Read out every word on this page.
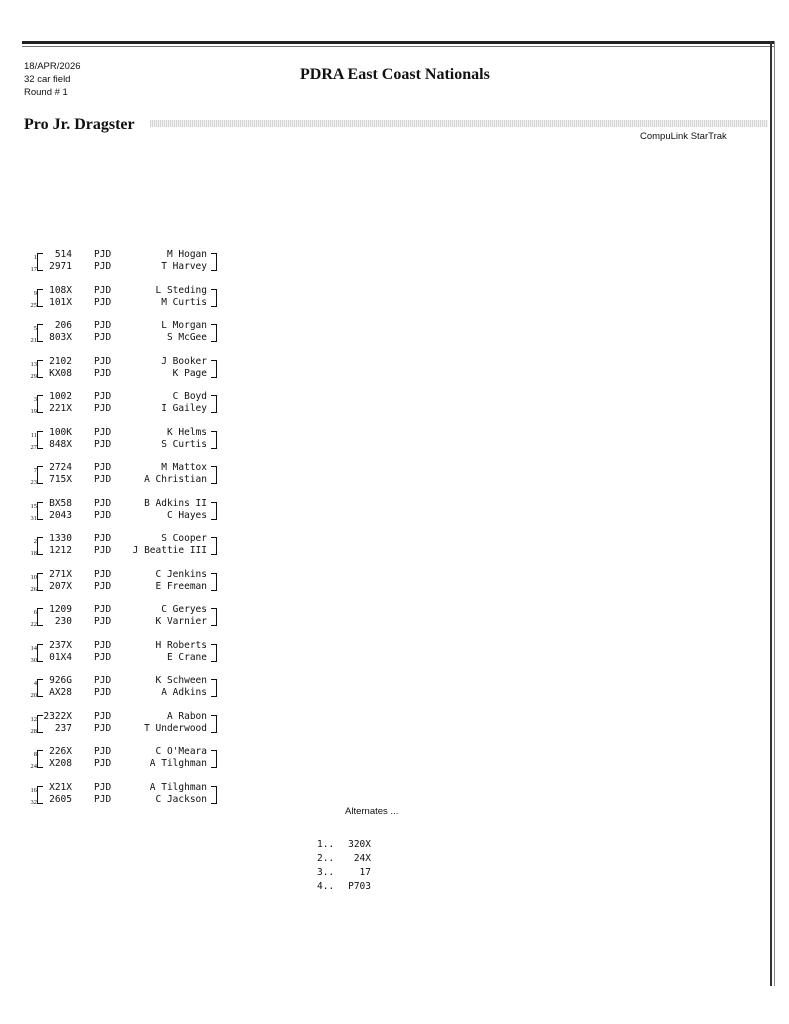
18/APR/2026
32 car field
Round # 1
PDRA East Coast Nationals
Pro Jr. Dragster
CompuLink StarTrak
1	514 PJD	M Hogan
17	2971 PJD	T Harvey
9	108X PJD	L Steding
25	101X PJD	M Curtis
5	206 PJD	L Morgan
21	803X PJD	S McGee
13	2102 PJD	J Booker
29	KX08 PJD	K Page
3	1002 PJD	C Boyd
19	221X PJD	I Gailey
11	100K PJD	K Helms
27	848X PJD	S Curtis
7	2724 PJD	M Mattox
23	715X PJD	A Christian
15	BX58 PJD	B Adkins II
31	2043 PJD	C Hayes
2	1330 PJD	S Cooper
18	1212 PJD	J Beattie III
10	271X PJD	C Jenkins
26	207X PJD	E Freeman
6	1209 PJD	C Geryes
22	230 PJD	K Varnier
14	237X PJD	H Roberts
30	01X4 PJD	E Crane
4	926G PJD	K Schween
20	AX28 PJD	A Adkins
12 2322X PJD	A Rabon
28	237 PJD	T Underwood
8	226X PJD	C O'Meara
24	X208 PJD	A Tilghman
16	X21X PJD	A Tilghman
32	2605 PJD	C Jackson
Alternates ...
1.. 320X
2..	24X
3..	17
4.. P703
